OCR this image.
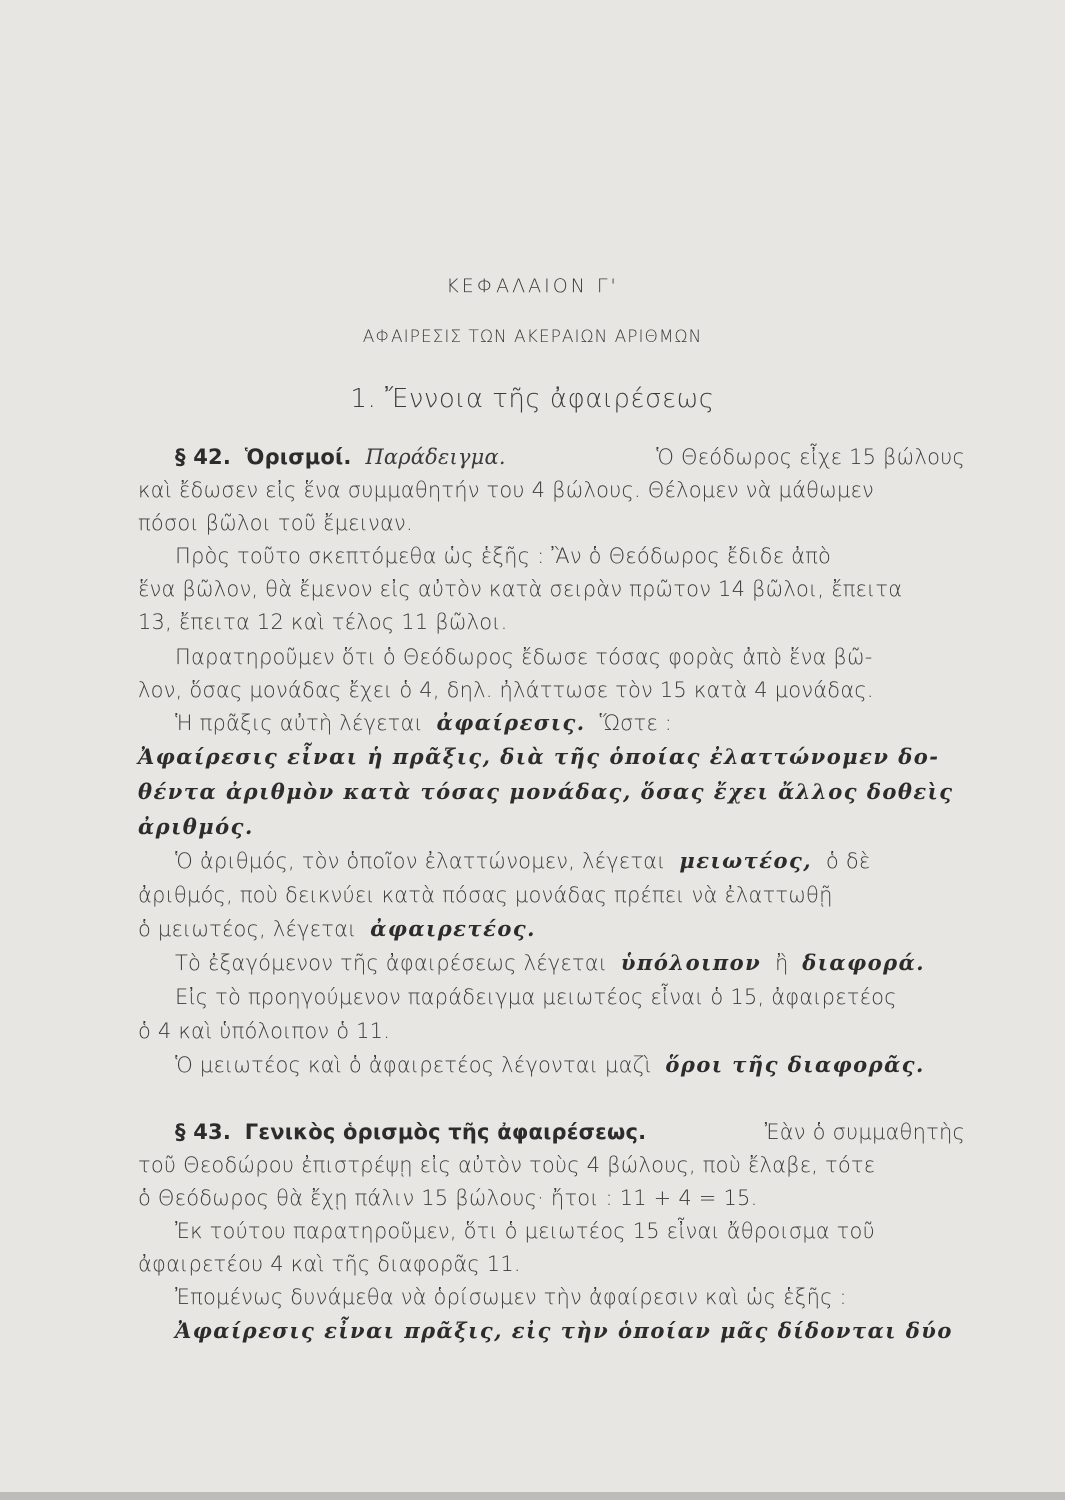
ΚΕΦΑΛΑΙΟΝ Γ'
ΑΦΑΙΡΕΣΙΣ ΤΩΝ ΑΚΕΡΑΙΩΝ ΑΡΙΘΜΩΝ
1. Ἔννοια τῆς ἀφαιρέσεως
§ 42. Ὁρισμοί. Παράδειγμα.	Ὁ Θεόδωρος εἶχε 15 βώλους
καὶ ἔδωσεν εἰς ἕνα συμμαθητήν του 4 βώλους. Θέλομεν νὰ μάθωμεν
πόσοι βῶλοι τοῦ ἔμειναν.
Πρὸς τοῦτο σκεπτόμεθα ὡς ἑξῆς : Ἂν ὁ Θεόδωρος ἔδιδε ἀπὸ
ἕνα βῶλον, θὰ ἔμενον εἰς αὐτὸν κατὰ σειρὰν πρῶτον 14 βῶλοι, ἔπειτα
13, ἔπειτα 12 καὶ τέλος 11 βῶλοι.
Παρατηροῦμεν ὅτι ὁ Θεόδωρος ἔδωσε τόσας φορὰς ἀπὸ ἕνα βῶ-
λον, ὅσας μονάδας ἔχει ὁ 4, δηλ. ἠλάττωσε τὸν 15 κατὰ 4 μονάδας.
Ἡ πρᾶξις αὐτὴ λέγεται ἀφαίρεσις. Ὥστε :
Ἀφαίρεσις εἶναι ἡ πρᾶξις, διὰ τῆς ὁποίας ἐλαττώνομεν δο-
θέντα ἀριθμὸν κατὰ τόσας μονάδας, ὅσας ἔχει ἄλλος δοθεὶς
ἀριθμός.
Ὁ ἀριθμός, τὸν ὁποῖον ἐλαττώνομεν, λέγεται μειωτέος, ὁ δὲ
ἀριθμός, ποὺ δεικνύει κατὰ πόσας μονάδας πρέπει νὰ ἐλαττωθῇ
ὁ μειωτέος, λέγεται ἀφαιρετέος.
Τὸ ἐξαγόμενον τῆς ἀφαιρέσεως λέγεται ὑπόλοιπον ἢ διαφορά.
Εἰς τὸ προηγούμενον παράδειγμα μειωτέος εἶναι ὁ 15, ἀφαιρετέος
ὁ 4 καὶ ὑπόλοιπον ὁ 11.
Ὁ μειωτέος καὶ ὁ ἀφαιρετέος λέγονται μαζὶ ὅροι τῆς διαφορᾶς.
§ 43. Γενικὸς ὁρισμὸς τῆς ἀφαιρέσεως.	Ἐὰν ὁ συμμαθητὴς
τοῦ Θεοδώρου ἐπιστρέψῃ εἰς αὐτὸν τοὺς 4 βώλους, ποὺ ἔλαβε, τότε
ὁ Θεόδωρος θὰ ἔχῃ πάλιν 15 βώλους· ἤτοι : 11 + 4 = 15.
Ἐκ τούτου παρατηροῦμεν, ὅτι ὁ μειωτέος 15 εἶναι ἄθροισμα τοῦ
ἀφαιρετέου 4 καὶ τῆς διαφορᾶς 11.
Ἐπομένως δυνάμεθα νὰ ὁρίσωμεν τὴν ἀφαίρεσιν καὶ ὡς ἑξῆς :
Ἀφαίρεσις εἶναι πρᾶξις, εἰς τὴν ὁποίαν μᾶς δίδονται δύο
